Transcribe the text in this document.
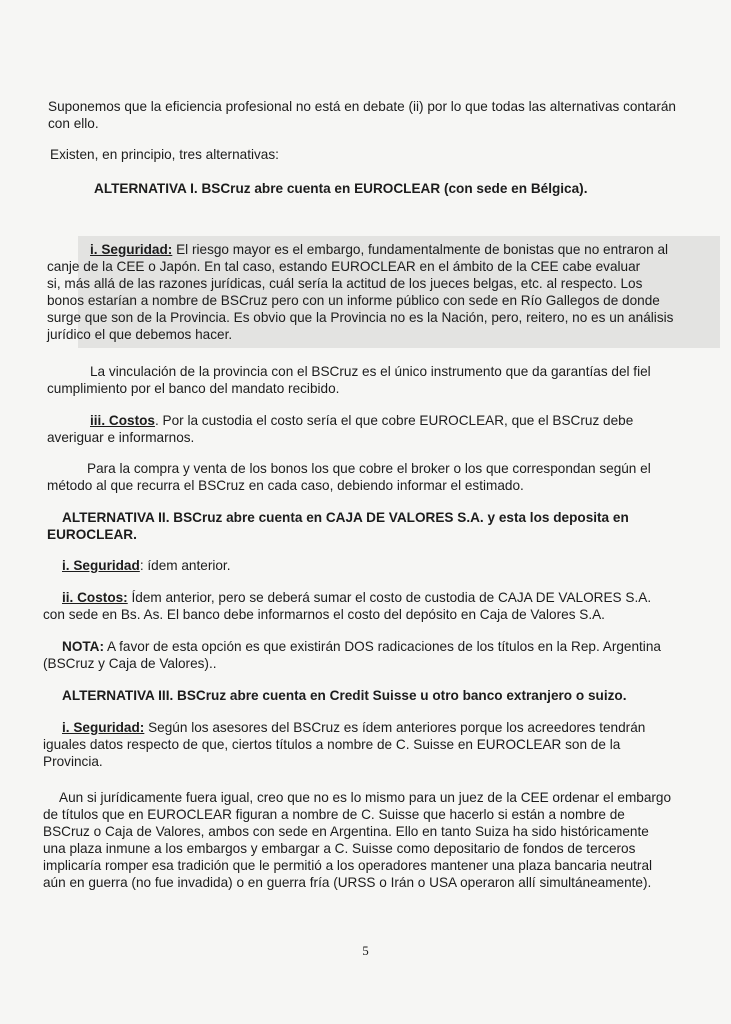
Suponemos que la eficiencia profesional no está en debate (ii) por lo que todas las alternativas contarán
con ello.

Existen, en principio, tres alternativas:

ALTERNATIVA I. BSCruz abre cuenta en EUROCLEAR (con sede en Bélgica).

i. Seguridad: El riesgo mayor es el embargo, fundamentalmente de bonistas que no entraron al
canje de la CEE o Japón. En tal caso, estando EUROCLEAR en el ámbito de la CEE cabe evaluar
si, más allá de las razones jurídicas, cuál sería la actitud de los jueces belgas, etc. al respecto. Los
bonos estarían a nombre de BSCruz pero con un informe público con sede en Río Gallegos de donde
surge que son de la Provincia. Es obvio que la Provincia no es la Nación, pero, reitero, no es un análisis
jurídico el que debemos hacer.

La vinculación de la provincia con el BSCruz es el único instrumento que da garantías del fiel
cumplimiento por el banco del mandato recibido.

iii. Costos. Por la custodia el costo sería el que cobre EUROCLEAR, que el BSCruz debe
averiguar e informarnos.

Para la compra y venta de los bonos los que cobre el broker o los que correspondan según el
método al que recurra el BSCruz en cada caso, debiendo informar el estimado.

ALTERNATIVA II. BSCruz abre cuenta en CAJA DE VALORES S.A. y esta los deposita en
EUROCLEAR.

i. Seguridad: ídem anterior.

ii. Costos: Ídem anterior, pero se deberá sumar el costo de custodia de CAJA DE VALORES S.A.
con sede en Bs. As. El banco debe informarnos el costo del depósito en Caja de Valores S.A.

NOTA: A favor de esta opción es que existirán DOS radicaciones de los títulos en la Rep. Argentina
(BSCruz y Caja de Valores)..

ALTERNATIVA III. BSCruz abre cuenta en Credit Suisse u otro banco extranjero o suizo.

i. Seguridad: Según los asesores del BSCruz es ídem anteriores porque los acreedores tendrán
iguales datos respecto de que, ciertos títulos a nombre de C. Suisse en EUROCLEAR son de la
Provincia.

Aun si jurídicamente fuera igual, creo que no es lo mismo para un juez de la CEE ordenar el embargo
de títulos que en EUROCLEAR figuran a nombre de C. Suisse que hacerlo si están a nombre de
BSCruz o Caja de Valores, ambos con sede en Argentina. Ello en tanto Suiza ha sido históricamente
una plaza inmune a los embargos y embargar a C. Suisse como depositario de fondos de terceros
implicaría romper esa tradición que le permitió a los operadores mantener una plaza bancaria neutral
aún en guerra (no fue invadida) o en guerra fría (URSS o Irán o USA operaron allí simultáneamente).

5
